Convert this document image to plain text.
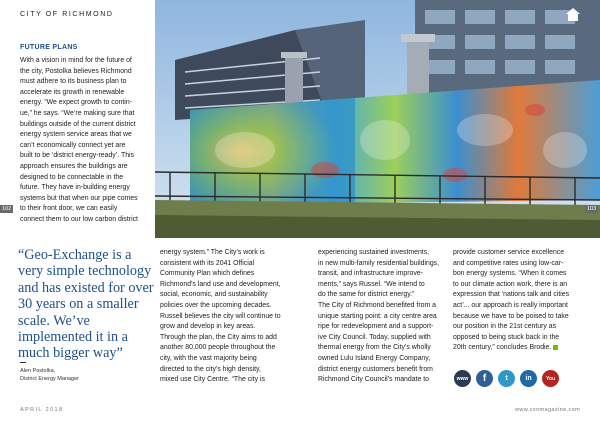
CITY OF RICHMOND
FUTURE PLANS
With a vision in mind for the future of
the city, Postolka believes Richmond
must adhere to its business plan to
accelerate its growth in renewable
energy. “We expect growth to contin-
ue,” he says. “We’re making sure that
buildings outside of the current district
energy system service areas that we
can’t economically connect yet are
built to be ‘district energy-ready’. This
approach ensures the buildings are
designed to be connectable in the
future. They have in-building energy
systems but that when our pipe comes
to their front door, we can easily
connect them to our low carbon district
102	103
“Geo-Exchange is a very simple technology and has existed for over 30 years on a smaller scale. We’ve implemented it in a much bigger way”
Alen Postolka,
District Energy Manager
energy system.” The City’s work is
consistent with its 2041 Official
Community Plan which defines
Richmond’s land use and development,
social, economic, and sustainability
policies over the upcoming decades.
Russell believes the city will continue to
grow and develop in key areas.
Through the plan, the City aims to add
another 80,000 people throughout the
city, with the vast majority being
directed to the city’s high density,
mixed use City Centre. “The city is
experiencing sustained investments,
in new multi-family residential buildings,
transit, and infrastructure improve-
ments,” says Russel. “We intend to
do the same for district energy.”
The City of Richmond benefited from a
unique starting point: a city centre area
ripe for redevelopment and a support-
ive City Council. Today, supplied with
thermal energy from the City’s wholly
owned Lulu Island Energy Company,
district energy customers benefit from
Richmond City Council’s mandate to
provide customer service excellence
and competitive rates using low-car-
bon energy systems. “When it comes
to our climate action work, there is an
expression that ‘nations talk and cities
act’... our approach is really important
because we have to be poised to take
our position in the 21st century as
opposed to being stuck back in the
20th century,” concludes Brodie.
www	f	t	in	You
APRIL 2018	www.cxomagazine.com
